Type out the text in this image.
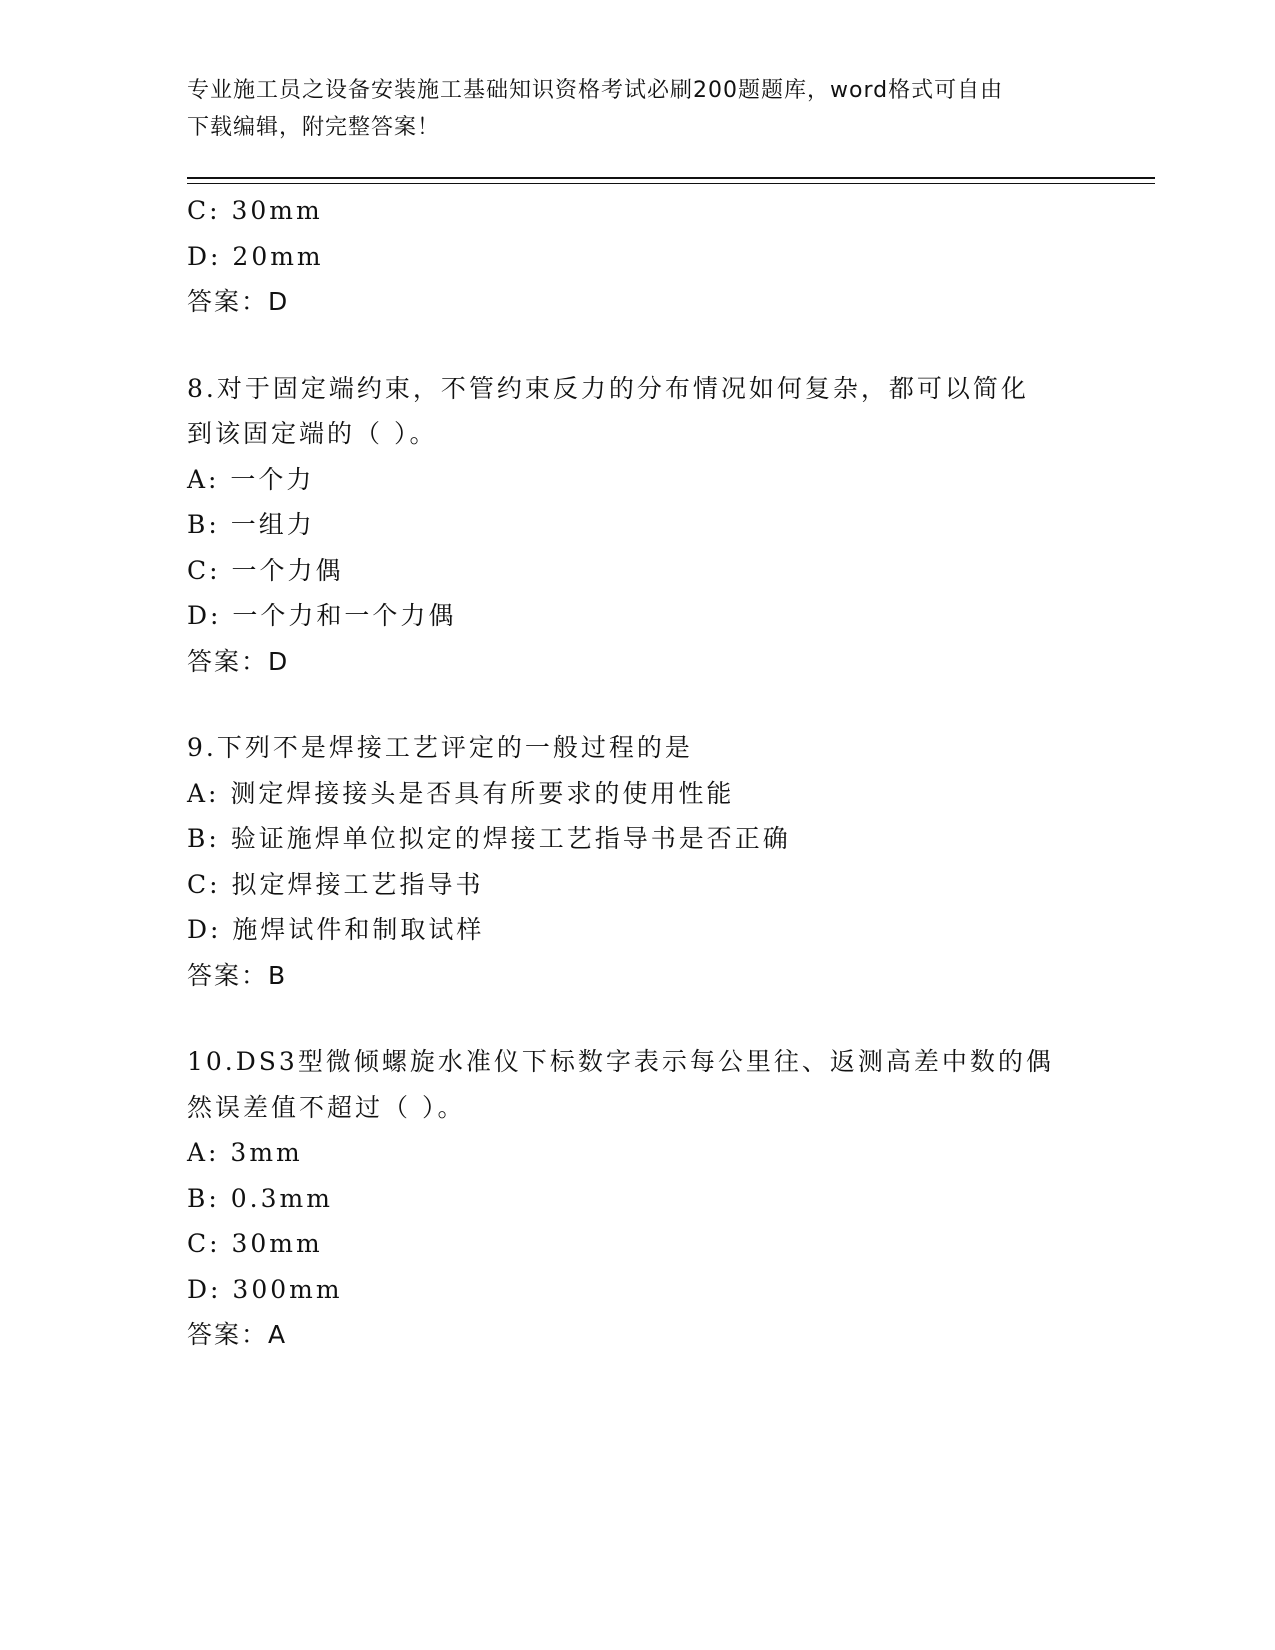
专业施工员之设备安装施工基础知识资格考试必刷200题题库，word格式可自由
下载编辑，附完整答案！
C: 30mm
D: 20mm
答案：D
8.对于固定端约束，不管约束反力的分布情况如何复杂，都可以简化
到该固定端的（ ）。
A: 一个力
B: 一组力
C: 一个力偶
D: 一个力和一个力偶
答案：D
9.下列不是焊接工艺评定的一般过程的是
A: 测定焊接接头是否具有所要求的使用性能
B: 验证施焊单位拟定的焊接工艺指导书是否正确
C: 拟定焊接工艺指导书
D: 施焊试件和制取试样
答案：B
10.DS3型微倾螺旋水准仪下标数字表示每公里往、返测高差中数的偶
然误差值不超过（ ）。
A: 3mm
B: 0.3mm
C: 30mm
D: 300mm
答案：A
